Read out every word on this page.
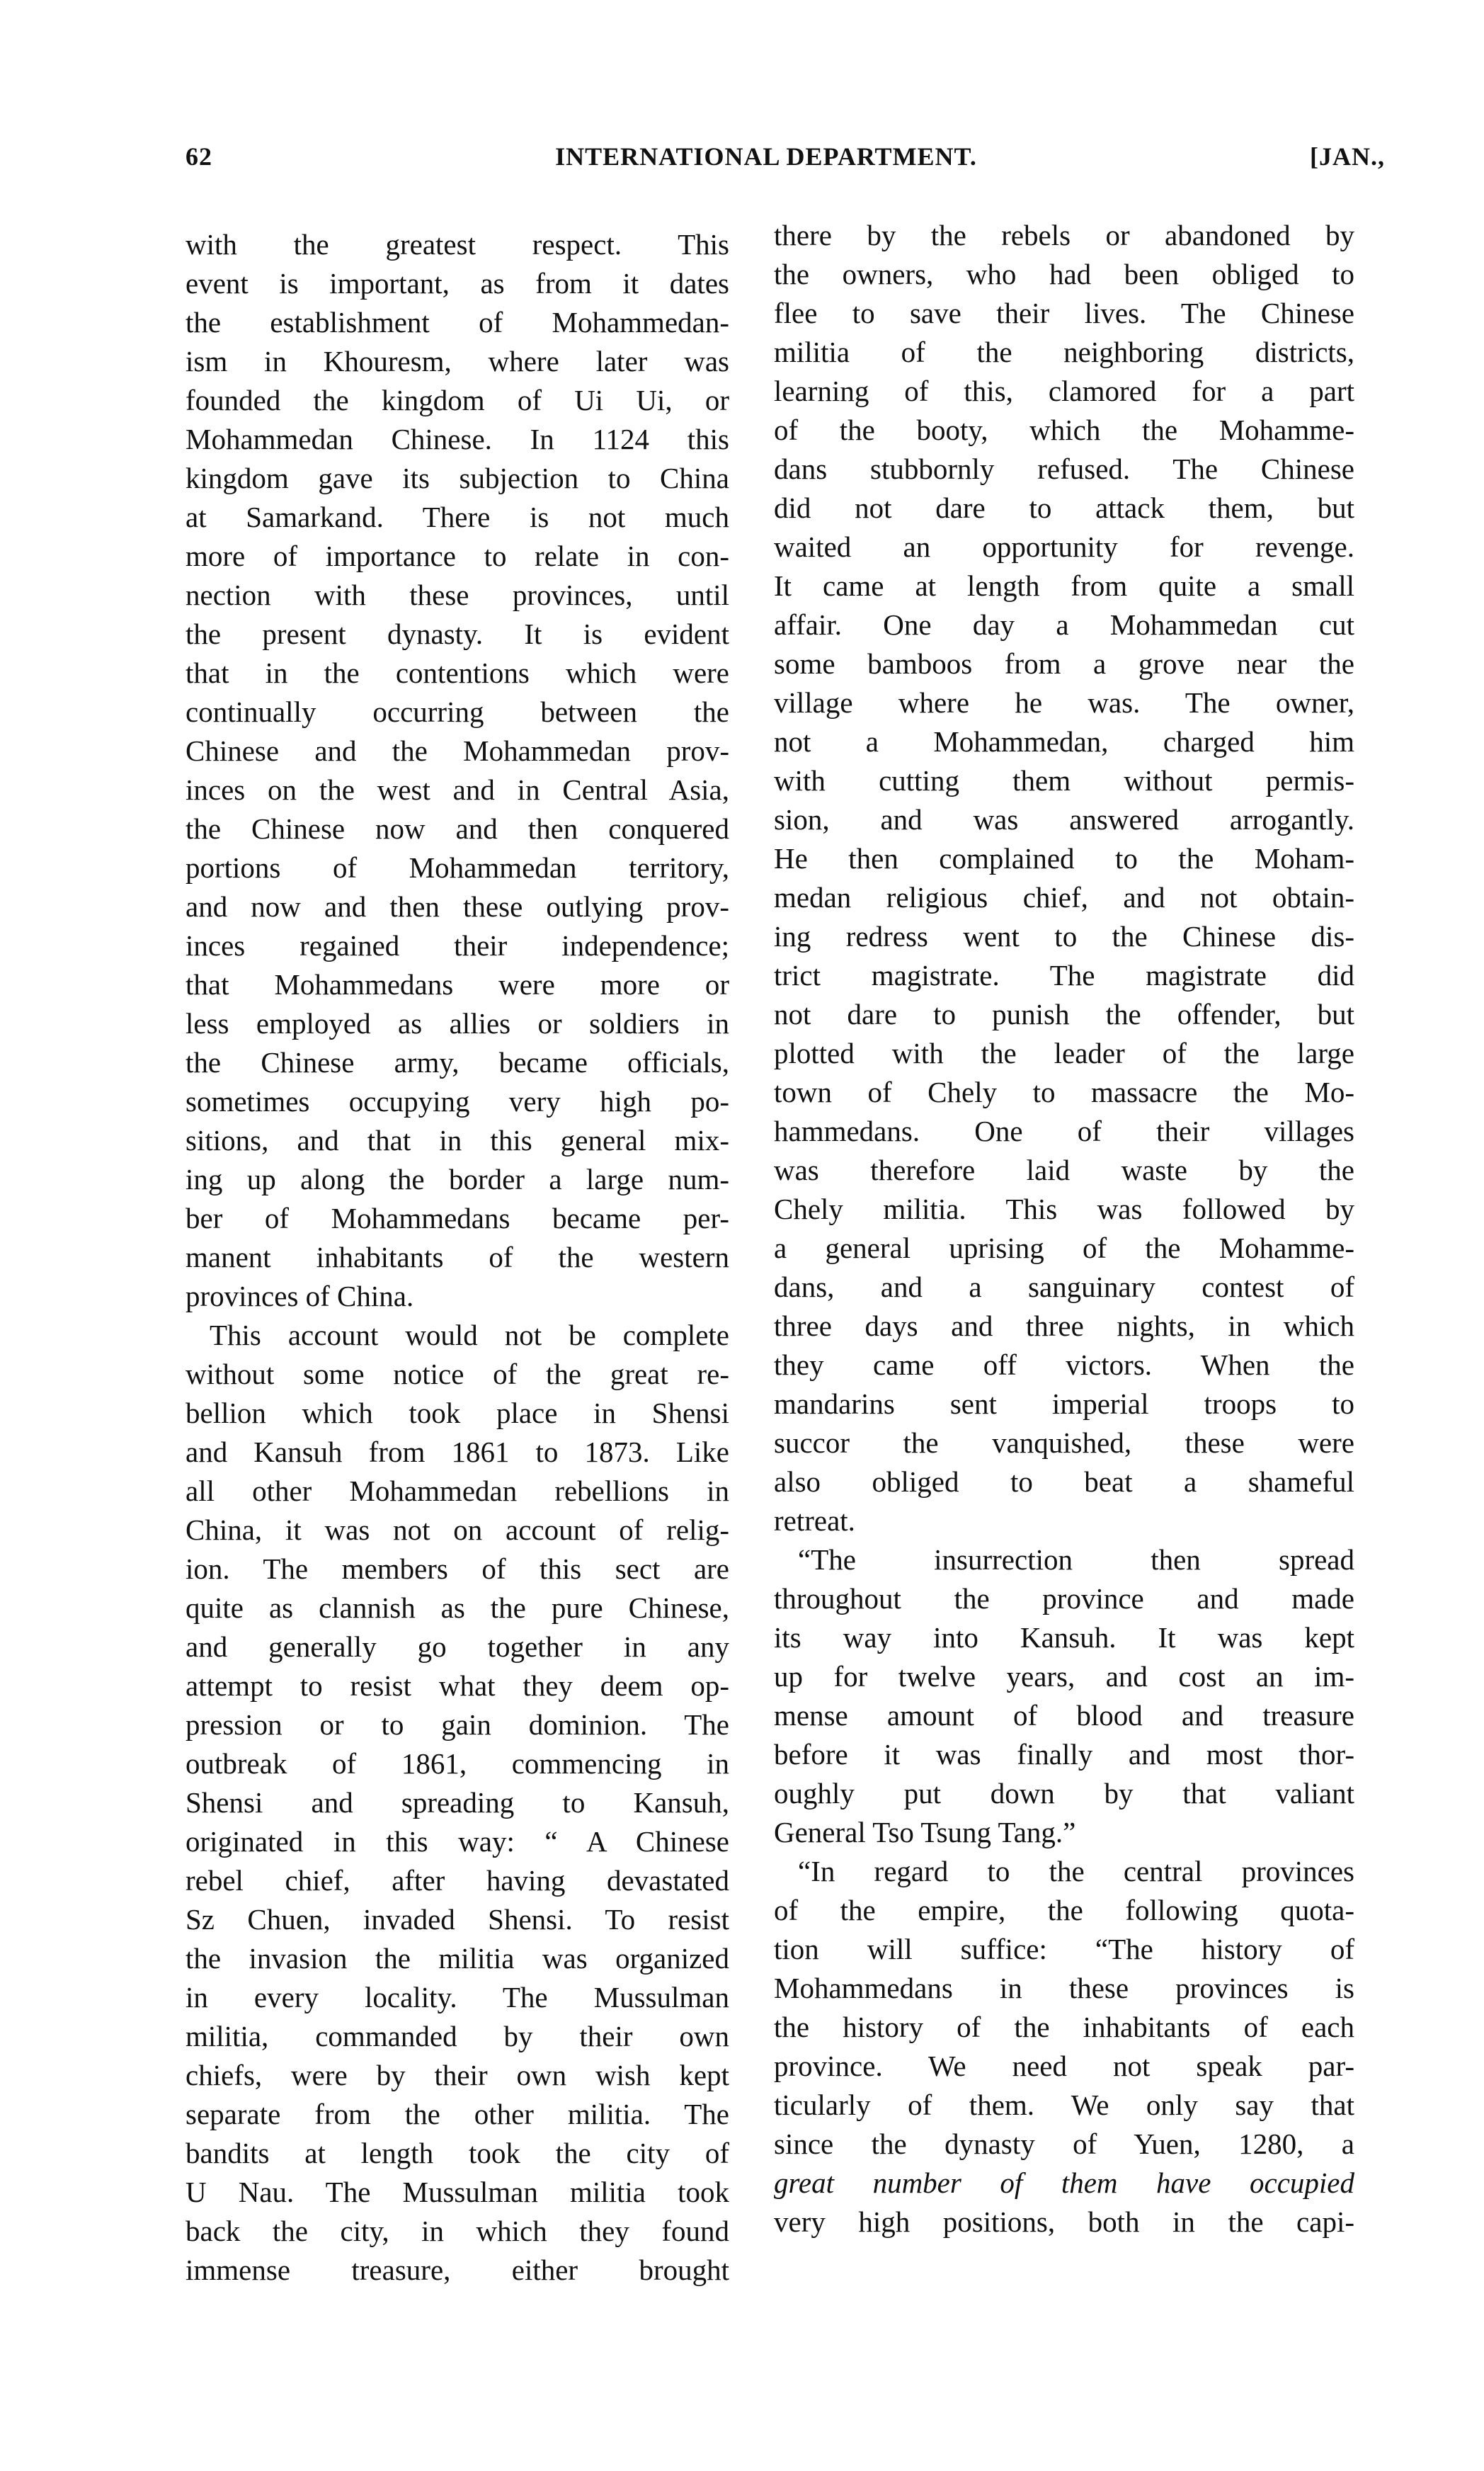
62	INTERNATIONAL DEPARTMENT.	[JAN.,
with the greatest respect. This
event is important, as from it dates
the establishment of Mohammedan-
ism in Khouresm, where later was
founded the kingdom of Ui Ui, or
Mohammedan Chinese. In 1124 this
kingdom gave its subjection to China
at Samarkand. There is not much
more of importance to relate in con-
nection with these provinces, until
the present dynasty. It is evident
that in the contentions which were
continually occurring between the
Chinese and the Mohammedan prov-
inces on the west and in Central Asia,
the Chinese now and then conquered
portions of Mohammedan territory,
and now and then these outlying prov-
inces regained their independence;
that Mohammedans were more or
less employed as allies or soldiers in
the Chinese army, became officials,
sometimes occupying very high po-
sitions, and that in this general mix-
ing up along the border a large num-
ber of Mohammedans became per-
manent inhabitants of the western
provinces of China.
This account would not be complete
without some notice of the great re-
bellion which took place in Shensi
and Kansuh from 1861 to 1873. Like
all other Mohammedan rebellions in
China, it was not on account of relig-
ion. The members of this sect are
quite as clannish as the pure Chinese,
and generally go together in any
attempt to resist what they deem op-
pression or to gain dominion. The
outbreak of 1861, commencing in
Shensi and spreading to Kansuh,
originated in this way: “ A Chinese
rebel chief, after having devastated
Sz Chuen, invaded Shensi. To resist
the invasion the militia was organized
in every locality. The Mussulman
militia, commanded by their own
chiefs, were by their own wish kept
separate from the other militia. The
bandits at length took the city of
U Nau. The Mussulman militia took
back the city, in which they found
immense treasure, either brought
there by the rebels or abandoned by
the owners, who had been obliged to
flee to save their lives. The Chinese
militia of the neighboring districts,
learning of this, clamored for a part
of the booty, which the Mohamme-
dans stubbornly refused. The Chinese
did not dare to attack them, but
waited an opportunity for revenge.
It came at length from quite a small
affair. One day a Mohammedan cut
some bamboos from a grove near the
village where he was. The owner,
not a Mohammedan, charged him
with cutting them without permis-
sion, and was answered arrogantly.
He then complained to the Moham-
medan religious chief, and not obtain-
ing redress went to the Chinese dis-
trict magistrate. The magistrate did
not dare to punish the offender, but
plotted with the leader of the large
town of Chely to massacre the Mo-
hammedans. One of their villages
was therefore laid waste by the
Chely militia. This was followed by
a general uprising of the Mohamme-
dans, and a sanguinary contest of
three days and three nights, in which
they came off victors. When the
mandarins sent imperial troops to
succor the vanquished, these were
also obliged to beat a shameful
retreat.
“The insurrection then spread
throughout the province and made
its way into Kansuh. It was kept
up for twelve years, and cost an im-
mense amount of blood and treasure
before it was finally and most thor-
oughly put down by that valiant
General Tso Tsung Tang.”
“In regard to the central provinces
of the empire, the following quota-
tion will suffice: “The history of
Mohammedans in these provinces is
the history of the inhabitants of each
province. We need not speak par-
ticularly of them. We only say that
since the dynasty of Yuen, 1280, a
great number of them have occupied
very high positions, both in the capi-
